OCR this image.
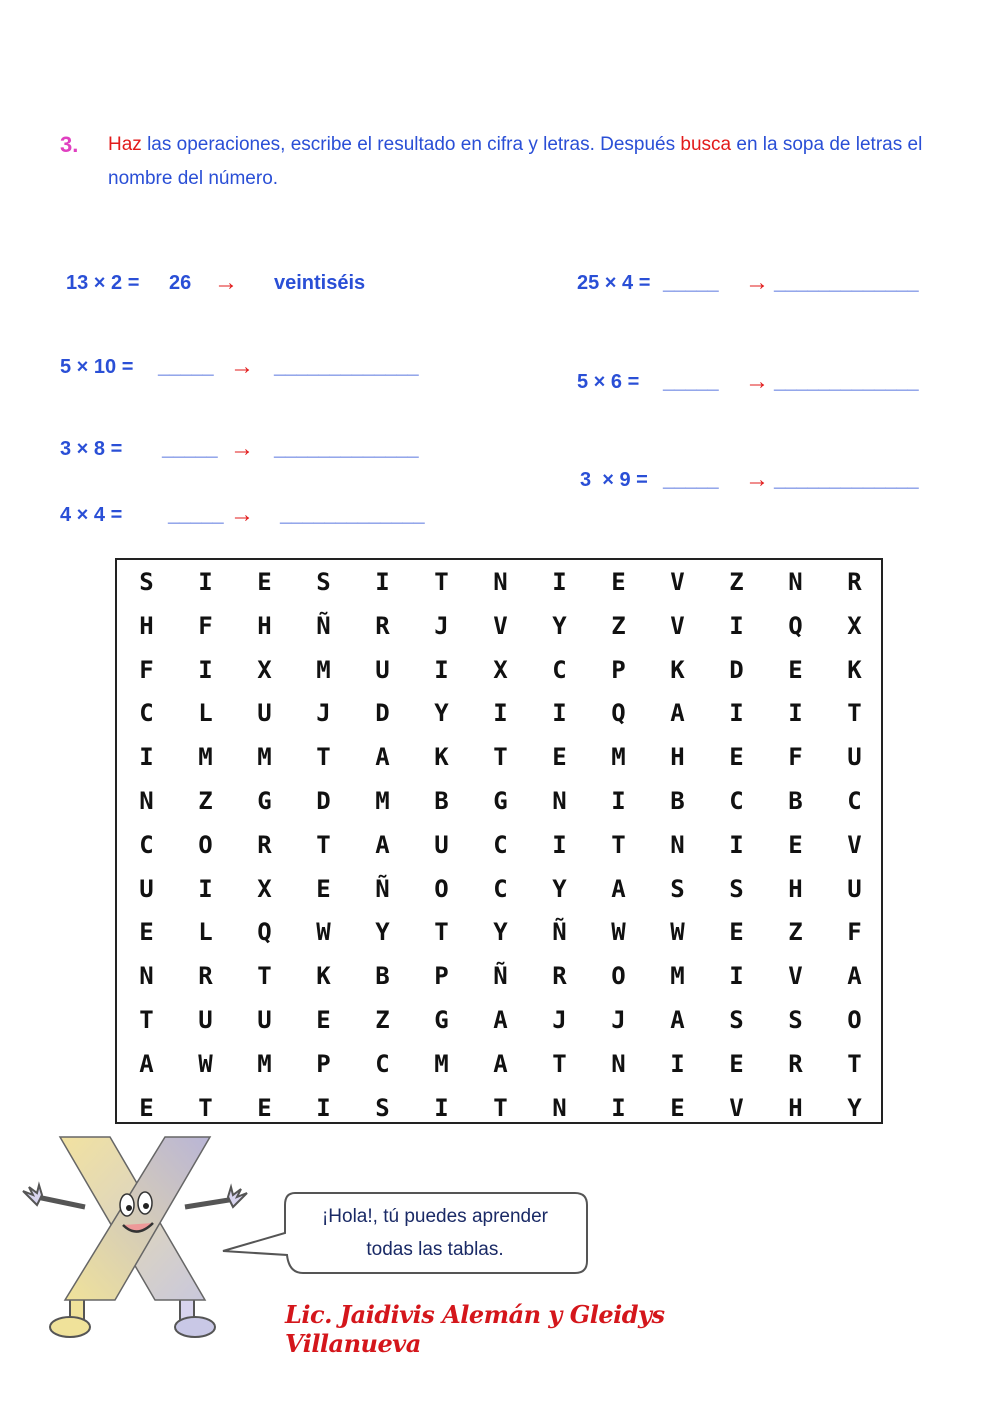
3. Haz las operaciones, escribe el resultado en cifra y letras. Después busca en la sopa de letras el nombre del número.
13 × 2 = 26 → veintiséis
5 × 10 = _____ → _____________
3 × 8 = _____ → _____________
4 × 4 = _____ → _____________
25 × 4 = _____ → _____________
5 × 6 = _____ → _____________
3  × 9 = _____ → _____________
S	I	E	S	I	T	N	I	E	V	Z	N	R
H	F	H	Ñ	R	J	V	Y	Z	V	I	Q	X
F	I	X	M	U	I	X	C	P	K	D	E	K
C	L	U	J	D	Y	I	I	Q	A	I	I	T
I	M	M	T	A	K	T	E	M	H	E	F	U
N	Z	G	D	M	B	G	N	I	B	C	B	C
C	O	R	T	A	U	C	I	T	N	I	E	V
U	I	X	E	Ñ	O	C	Y	A	S	S	H	U
E	L	Q	W	Y	T	Y	Ñ	W	W	E	Z	F
N	R	T	K	B	P	Ñ	R	O	M	I	V	A
T	U	U	E	Z	G	A	J	J	A	S	S	O
A	W	M	P	C	M	A	T	N	I	E	R	T
E	T	E	I	S	I	T	N	I	E	V	H	Y
¡Hola!, tú puedes aprender
todas las tablas.
Lic. Jaidivis Alemán y Gleidys Villanueva
